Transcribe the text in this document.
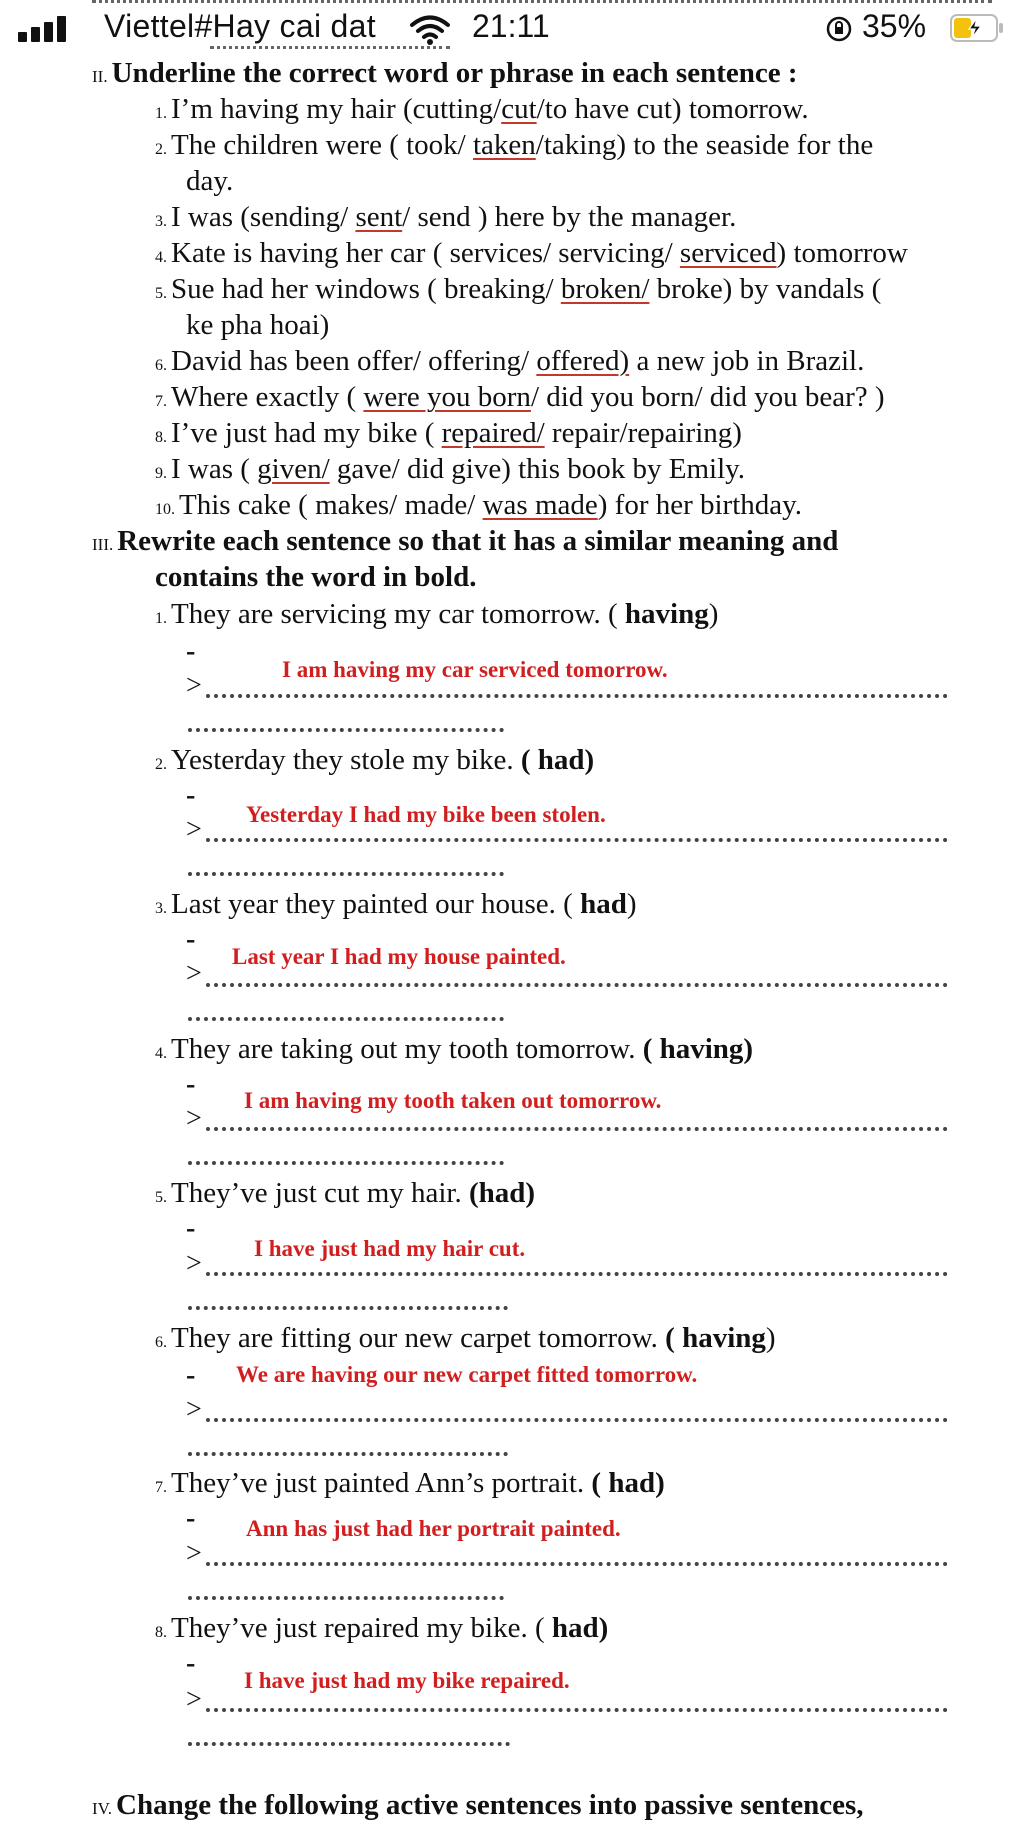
Viettel#Hay cai dat	21:11	35%
II. Underline the correct word or phrase in each sentence :
1. I’m having my hair (cutting/cut/to have cut) tomorrow.
2. The children were ( took/ taken/taking) to the seaside for the
day.
3. I was (sending/ sent/ send ) here by the manager.
4. Kate is having her car ( services/ servicing/ serviced) tomorrow
5. Sue had her windows ( breaking/ broken/ broke) by vandals (
ke pha hoai)
6. David has been offer/ offering/ offered) a new job in Brazil.
7. Where exactly ( were you born/ did you born/ did you bear? )
8. I’ve just had my bike ( repaired/ repair/repairing)
9. I was ( given/ gave/ did give) this book by Emily.
10. This cake ( makes/ made/ was made) for her birthday.
III. Rewrite each sentence so that it has a similar meaning and
contains the word in bold.
1. They are servicing my car tomorrow. ( having)
-
I am having my car serviced tomorrow.
>
2. Yesterday they stole my bike. ( had)
-
Yesterday I had my bike been stolen.
>
3. Last year they painted our house. ( had)
-
Last year I had my house painted.
>
4. They are taking out my tooth tomorrow. ( having)
-
I am having my tooth taken out tomorrow.
>
5. They’ve just cut my hair. (had)
-
I have just had my hair cut.
>
6. They are fitting our new carpet tomorrow. ( having)
- We are having our new carpet fitted tomorrow.
>
7. They’ve just painted Ann’s portrait. ( had)
- Ann has just had her portrait painted.
>
8. They’ve just repaired my bike. ( had)
-
I have just had my bike repaired.
>
IV. Change the following active sentences into passive sentences,
